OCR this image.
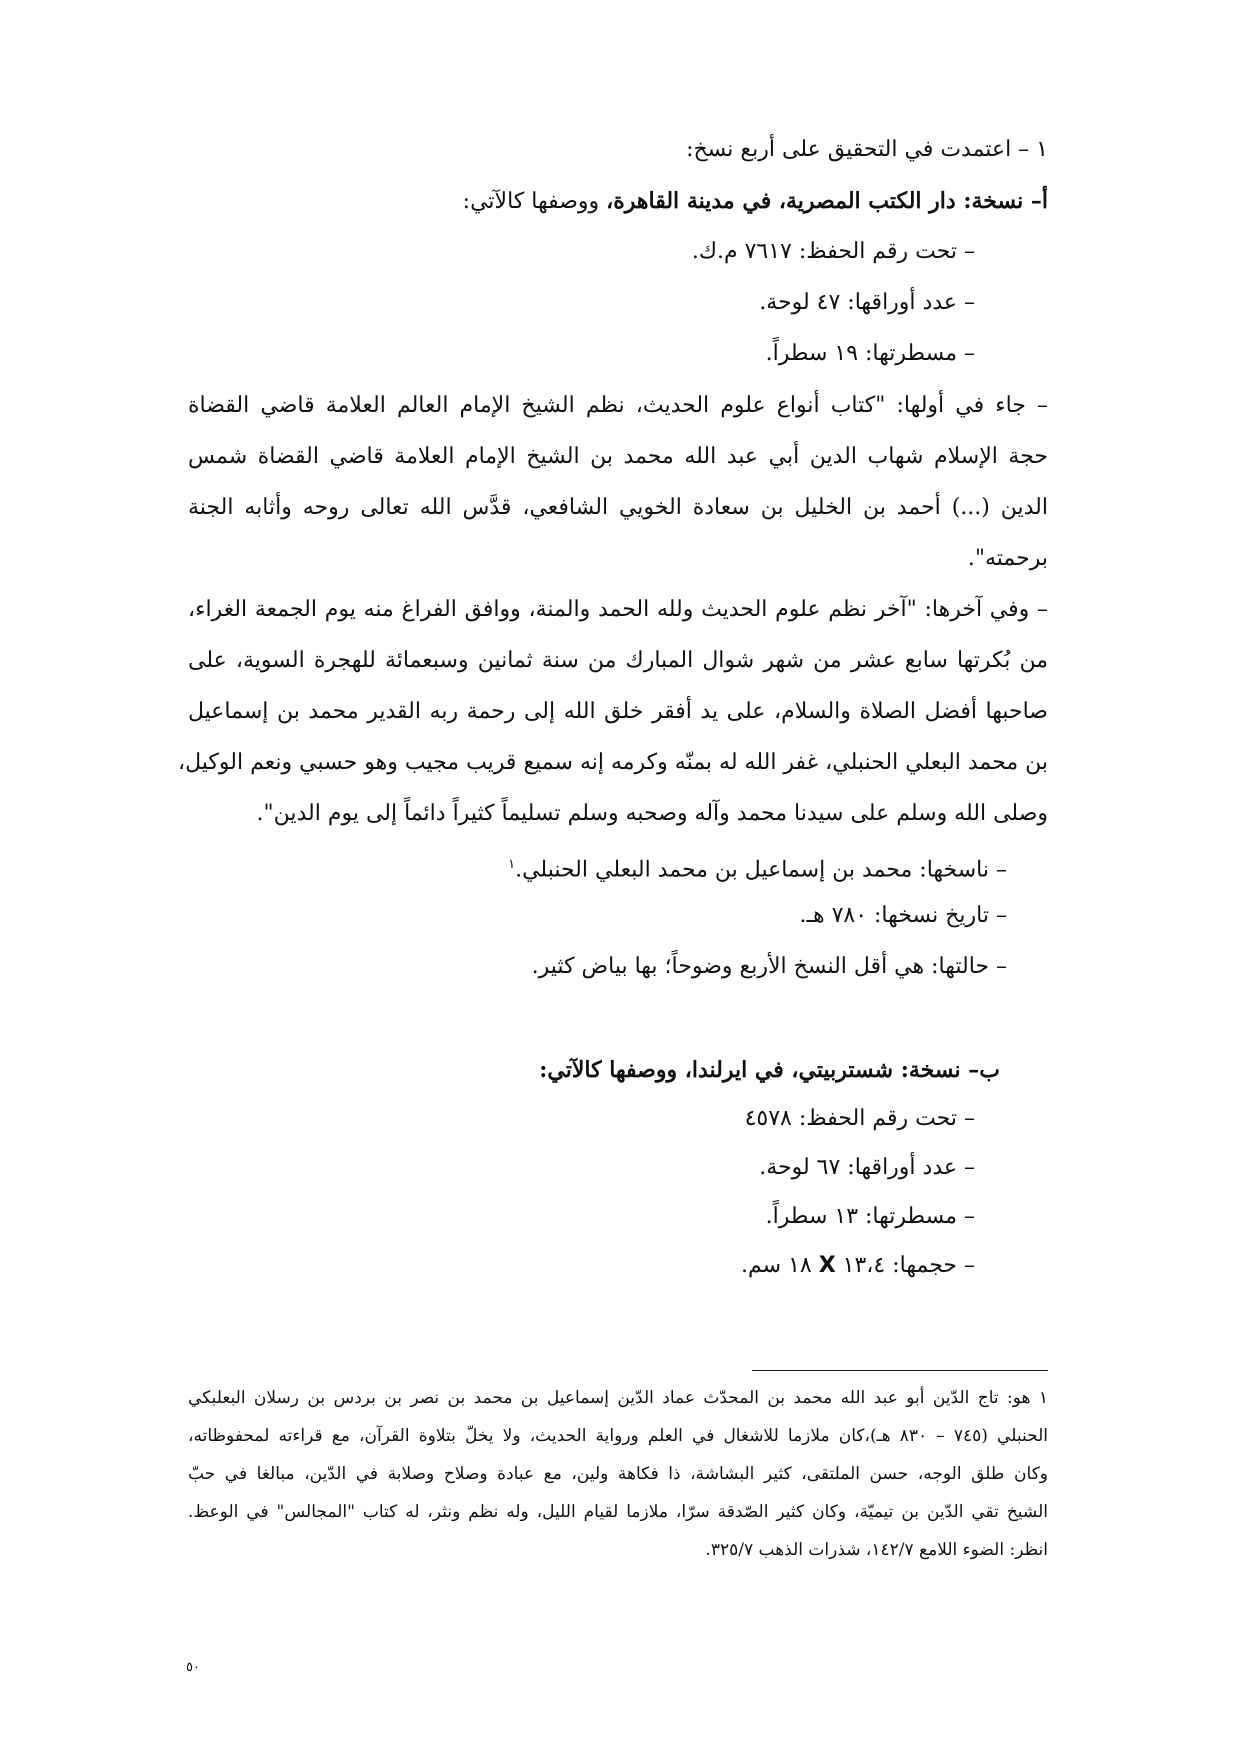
١ – اعتمدت في التحقيق على أربع نسخ:
أ– نسخة: دار الكتب المصرية، في مدينة القاهرة، ووصفها كالآتي:
– تحت رقم الحفظ: ٧٦١٧ م.ك.
– عدد أوراقها: ٤٧ لوحة.
– مسطرتها: ١٩ سطراً.
– جاء في أولها: "كتاب أنواع علوم الحديث، نظم الشيخ الإمام العالم العلامة قاضي القضاة
حجة الإسلام شهاب الدين أبي عبد الله محمد بن الشيخ الإمام العلامة قاضي القضاة شمس
الدين (...) أحمد بن الخليل بن سعادة الخويي الشافعي، قدَّس الله تعالى روحه وأثابه الجنة
برحمته".
– وفي آخرها: "آخر نظم علوم الحديث ولله الحمد والمنة، ووافق الفراغ منه يوم الجمعة الغراء،
من بُكرتها سابع عشر من شهر شوال المبارك من سنة ثمانين وسبعمائة للهجرة السوية، على
صاحبها أفضل الصلاة والسلام، على يد أفقر خلق الله إلى رحمة ربه القدير محمد بن إسماعيل
بن محمد البعلي الحنبلي، غفر الله له بمنّه وكرمه إنه سميع قريب مجيب وهو حسبي ونعم الوكيل،
وصلى الله وسلم على سيدنا محمد وآله وصحبه وسلم تسليماً كثيراً دائماً إلى يوم الدين".
– ناسخها: محمد بن إسماعيل بن محمد البعلي الحنبلي.$^١$
– تاريخ نسخها: ٧٨٠ هـ.
– حالتها: هي أقل النسخ الأربع وضوحاً؛ بها بياض كثير.
ب– نسخة: شستربيتي، في ايرلندا، ووصفها كالآتي:
– تحت رقم الحفظ: ٤٥٧٨
– عدد أوراقها: ٦٧ لوحة.
– مسطرتها: ١٣ سطراً.
– حجمها: ١٣،٤ X ١٨ سم.
١ هو: تاج الدّين أبو عبد الله محمد بن المحدّث عماد الدّين إسماعيل بن محمد بن نصر بن بردس بن رسلان البعلبكي
الحنبلي (٧٤٥ – ٨٣٠ هـ)،كان ملازما للاشغال في العلم ورواية الحديث، ولا يخلّ بتلاوة القرآن، مع قراءته لمحفوظاته،
وكان طلق الوجه، حسن الملتقى، كثير البشاشة، ذا فكاهة ولين، مع عبادة وصلاح وصلابة في الدّين، مبالغا في حبّ
الشيخ تقي الدّين بن تيميّة، وكان كثير الصّدقة سرّا، ملازما لقيام الليل، وله نظم ونثر، له كتاب "المجالس" في الوعظ.
انظر: الضوء اللامع ١٤٢/٧، شذرات الذهب ٣٢٥/٧.
٥٠
